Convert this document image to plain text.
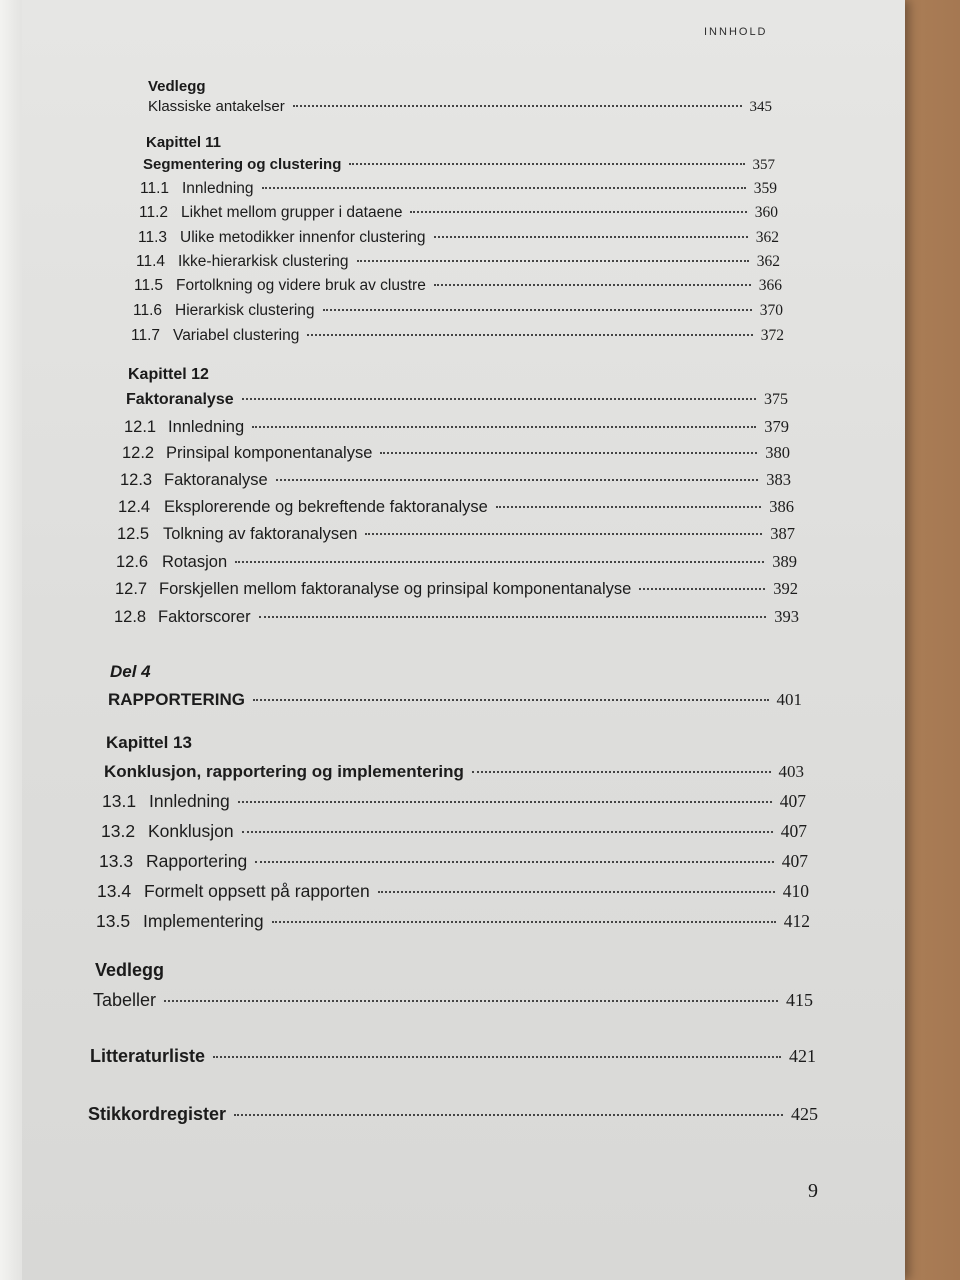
INNHOLD
Vedlegg
Klassiske antakelser	345
Kapittel 11
Segmentering og clustering	357
11.1 Innledning	359
11.2 Likhet mellom grupper i dataene	360
11.3 Ulike metodikker innenfor clustering	362
11.4 Ikke-hierarkisk clustering	362
11.5 Fortolkning og videre bruk av clustre	366
11.6 Hierarkisk clustering	370
11.7 Variabel clustering	372
Kapittel 12
Faktoranalyse	375
12.1 Innledning	379
12.2 Prinsipal komponentanalyse	380
12.3 Faktoranalyse	383
12.4 Eksplorerende og bekreftende faktoranalyse	386
12.5 Tolkning av faktoranalysen	387
12.6 Rotasjon	389
12.7 Forskjellen mellom faktoranalyse og prinsipal komponentanalyse	392
12.8 Faktorscorer	393
Del 4
RAPPORTERING	401
Kapittel 13
Konklusjon, rapportering og implementering	403
13.1 Innledning	407
13.2 Konklusjon	407
13.3 Rapportering	407
13.4 Formelt oppsett på rapporten	410
13.5 Implementering	412
Vedlegg
Tabeller	415
Litteraturliste	421
Stikkordregister	425
9
